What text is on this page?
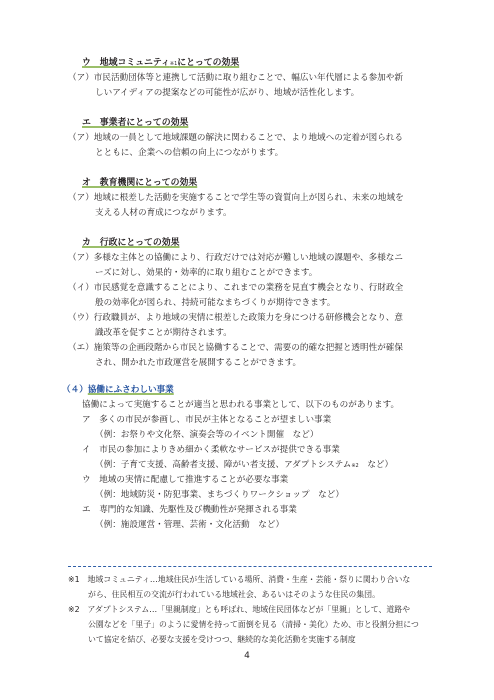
ウ　地域コミュニティ※1にとっての効果
（ア）市民活動団体等と連携して活動に取り組むことで、幅広い年代層による参加や新
しいアイディアの提案などの可能性が広がり、地域が活性化します。
エ　事業者にとっての効果
（ア）地域の一員として地域課題の解決に関わることで、より地域への定着が図られる
とともに、企業への信頼の向上につながります。
オ　教育機関にとっての効果
（ア）地域に根差した活動を実施することで学生等の資質向上が図られ、未来の地域を
支える人材の育成につながります。
カ　行政にとっての効果
（ア）多様な主体との協働により、行政だけでは対応が難しい地域の課題や、多様なニ
ーズに対し、効果的・効率的に取り組むことができます。
（イ）市民感覚を意識することにより、これまでの業務を見直す機会となり、行財政全
般の効率化が図られ、持続可能なまちづくりが期待できます。
（ウ）行政職員が、より地域の実情に根差した政策力を身につける研修機会となり、意
識改革を促すことが期待されます。
（エ）施策等の企画段階から市民と協働することで、需要の的確な把握と透明性が確保
され、開かれた市政運営を展開することができます。
（４）協働にふさわしい事業
協働によって実施することが適当と思われる事業として、以下のものがあります。
ア　多くの市民が参画し、市民が主体となることが望ましい事業
（例：お祭りや文化祭、演奏会等のイベント開催　など）
イ　市民の参加によりきめ細かく柔軟なサービスが提供できる事業
（例：子育て支援、高齢者支援、障がい者支援、アダプトシステム※2　など）
ウ　地域の実情に配慮して推進することが必要な事業
（例：地域防災・防犯事業、まちづくりワークショップ　など）
エ　専門的な知識、先駆性及び機動性が発揮される事業
（例：施設運営・管理、芸術・文化活動　など）
※1　地域コミュニティ…地域住民が生活している場所、消費・生産・芸能・祭りに関わり合いな
がら、住民相互の交流が行われている地域社会、あるいはそのような住民の集団。
※2　アダプトシステム…「里親制度」とも呼ばれ、地域住民団体などが「里親」として、道路や
公園などを「里子」のように愛情を持って面倒を見る（清掃・美化）ため、市と役割分担につ
いて協定を結び、必要な支援を受けつつ、継続的な美化活動を実施する制度
4
